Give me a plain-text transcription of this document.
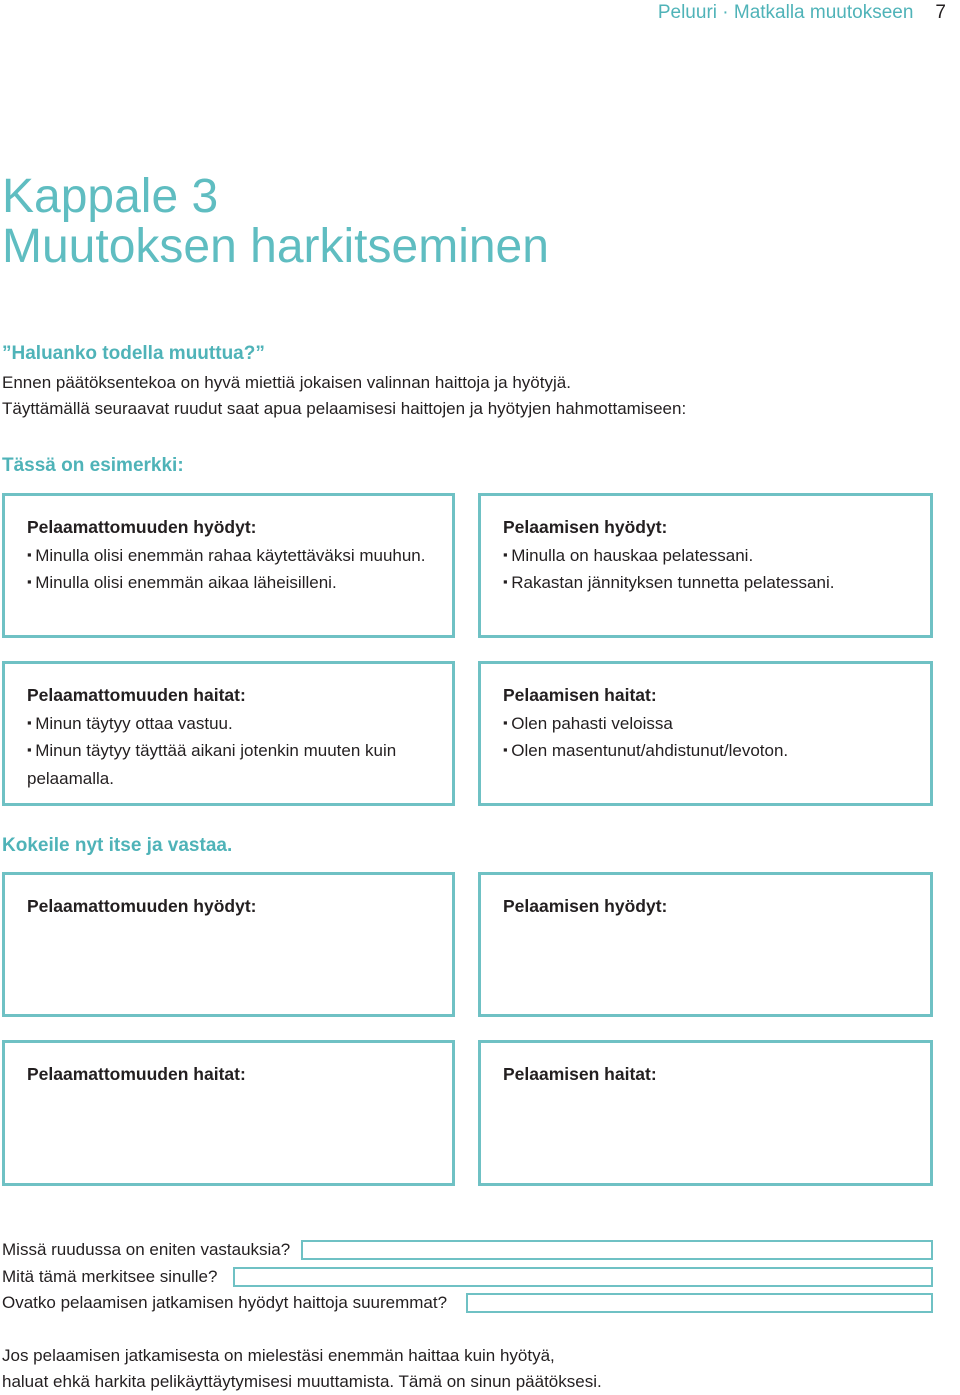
Peluuri · Matkalla muutokseen 7
Kappale 3
Muutoksen harkitseminen
”Haluanko todella muuttua?”
Ennen päätöksentekoa on hyvä miettiä jokaisen valinnan haittoja ja hyötyjä.
Täyttämällä seuraavat ruudut saat apua pelaamisesi haittojen ja hyötyjen hahmottamiseen:
Tässä on esimerkki:
Pelaamattomuuden hyödyt:
▪ Minulla olisi enemmän rahaa käytettäväksi muuhun.
▪ Minulla olisi enemmän aikaa läheisilleni.
Pelaamisen hyödyt:
▪ Minulla on hauskaa pelatessani.
▪ Rakastan jännityksen tunnetta pelatessani.
Pelaamattomuuden haitat:
▪ Minun täytyy ottaa vastuu.
▪ Minun täytyy täyttää aikani jotenkin muuten kuin pelaamalla.
Pelaamisen haitat:
▪ Olen pahasti veloissa
▪ Olen masentunut/ahdistunut/levoton.
Kokeile nyt itse ja vastaa.
Pelaamattomuuden hyödyt:	Pelaamisen hyödyt:
Pelaamattomuuden haitat:	Pelaamisen haitat:
Missä ruudussa on eniten vastauksia?
Mitä tämä merkitsee sinulle?
Ovatko pelaamisen jatkamisen hyödyt haittoja suuremmat?
Jos pelaamisen jatkamisesta on mielestäsi enemmän haittaa kuin hyötyä,
haluat ehkä harkita pelikäyttäytymisesi muuttamista. Tämä on sinun päätöksesi.
